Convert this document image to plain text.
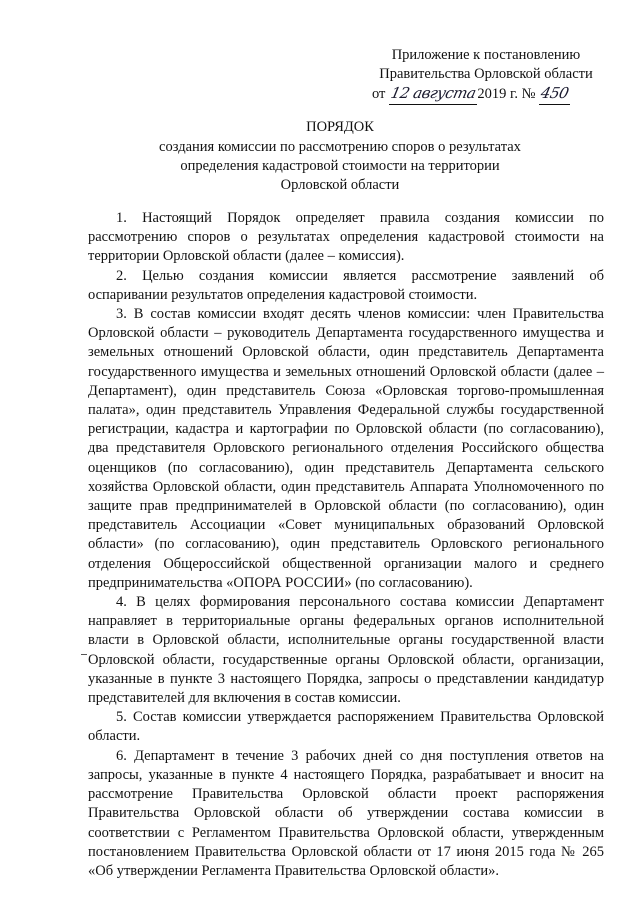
Приложение к постановлению
Правительства Орловской области
от 12 августа2019 г. № 450
ПОРЯДОК
создания комиссии по рассмотрению споров о результатах
определения кадастровой стоимости на территории
Орловской области

1. Настоящий Порядок определяет правила создания комиссии по рассмотрению споров о результатах определения кадастровой стоимости на территории Орловской области (далее – комиссия).

2. Целью создания комиссии является рассмотрение заявлений об оспаривании результатов определения кадастровой стоимости.

3. В состав комиссии входят десять членов комиссии: член Правительства Орловской области – руководитель Департамента государственного имущества и земельных отношений Орловской области, один представитель Департамента государственного имущества и земельных отношений Орловской области (далее – Департамент), один представитель Союза «Орловская торгово-промышленная палата», один представитель Управления Федеральной службы государственной регистрации, кадастра и картографии по Орловской области (по согласованию), два представителя Орловского регионального отделения Российского общества оценщиков (по согласованию), один представитель Департамента сельского хозяйства Орловской области, один представитель Аппарата Уполномоченного по защите прав предпринимателей в Орловской области (по согласованию), один представитель Ассоциации «Совет муниципальных образований Орловской области» (по согласованию), один представитель Орловского регионального отделения Общероссийской общественной организации малого и среднего предпринимательства «ОПОРА РОССИИ» (по согласованию).

4. В целях формирования персонального состава комиссии Департамент направляет в территориальные органы федеральных органов исполнительной власти в Орловской области, исполнительные органы государственной власти Орловской области, государственные органы Орловской области, организации, указанные в пункте 3 настоящего Порядка, запросы о представлении кандидатур представителей для включения в состав комиссии.

5. Состав комиссии утверждается распоряжением Правительства Орловской области.

6. Департамент в течение 3 рабочих дней со дня поступления ответов на запросы, указанные в пункте 4 настоящего Порядка, разрабатывает и вносит на рассмотрение Правительства Орловской области проект распоряжения Правительства Орловской области об утверждении состава комиссии в соответствии с Регламентом Правительства Орловской области, утвержденным постановлением Правительства Орловской области от 17 июня 2015 года № 265 «Об утверждении Регламента Правительства Орловской области».
